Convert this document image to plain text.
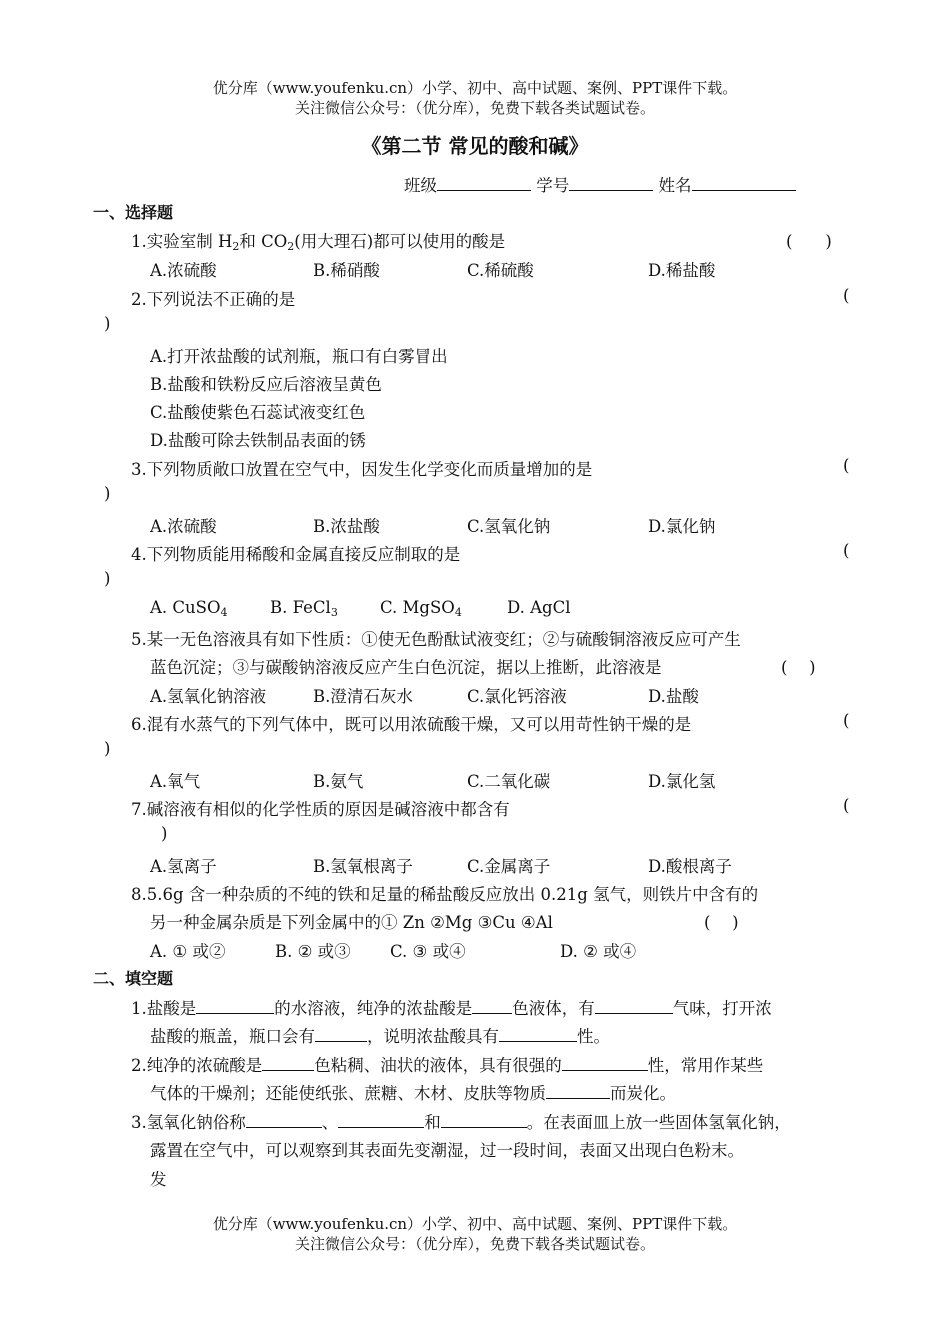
优分库（www.youfenku.cn）小学、初中、高中试题、案例、PPT课件下载。
关注微信公众号：（优分库），免费下载各类试题试卷。
《第二节 常见的酸和碱》
班级	学号	姓名
一、选择题
1.实验室制 $H_2$和 $CO_2$(用大理石)都可以使用的酸是	(　　)
A.浓硫酸	B.稀硝酸	C.稀硫酸	D.稀盐酸
2.下列说法不正确的是	(
)
A.打开浓盐酸的试剂瓶，瓶口有白雾冒出
B.盐酸和铁粉反应后溶液呈黄色
C.盐酸使紫色石蕊试液变红色
D.盐酸可除去铁制品表面的锈
3.下列物质敞口放置在空气中，因发生化学变化而质量增加的是	(
)
A.浓硫酸	B.浓盐酸	C.氢氧化钠	D.氯化钠
4.下列物质能用稀酸和金属直接反应制取的是	(
)
A. CuSO$_4$	B. FeCl$_3$	C. MgSO$_4$	D. AgCl
5.某一无色溶液具有如下性质：①使无色酚酞试液变红；②与硫酸铜溶液反应可产生
蓝色沉淀；③与碳酸钠溶液反应产生白色沉淀，据以上推断，此溶液是	(　 )
A.氢氧化钠溶液	B.澄清石灰水	C.氯化钙溶液	D.盐酸
6.混有水蒸气的下列气体中，既可以用浓硫酸干燥，又可以用苛性钠干燥的是	(
)
A.氧气	B.氨气	C.二氧化碳	D.氯化氢
7.碱溶液有相似的化学性质的原因是碱溶液中都含有	(
)
A.氢离子	B.氢氧根离子	C.金属离子	D.酸根离子
8.5.6g 含一种杂质的不纯的铁和足量的稀盐酸反应放出 0.21g 氢气，则铁片中含有的
另一种金属杂质是下列金属中的① Zn ②Mg ③Cu ④Al	(　 )
A. ① 或②	B. ② 或③ C. ③ 或④	D. ② 或④
二、填空题
1.盐酸是	的水溶液，纯净的浓盐酸是 色液体，有	气味，打开浓
盐酸的瓶盖，瓶口会有	，说明浓盐酸具有	性。
2.纯净的浓硫酸是	色粘稠、油状的液体，具有很强的	性，常用作某些
气体的干燥剂；还能使纸张、蔗糖、木材、皮肤等物质	而炭化。
3.氢氧化钠俗称	、	和	。在表面皿上放一些固体氢氧化钠，
露置在空气中，可以观察到其表面先变潮湿，过一段时间，表面又出现白色粉末。
发
优分库（www.youfenku.cn）小学、初中、高中试题、案例、PPT课件下载。
关注微信公众号：（优分库），免费下载各类试题试卷。
